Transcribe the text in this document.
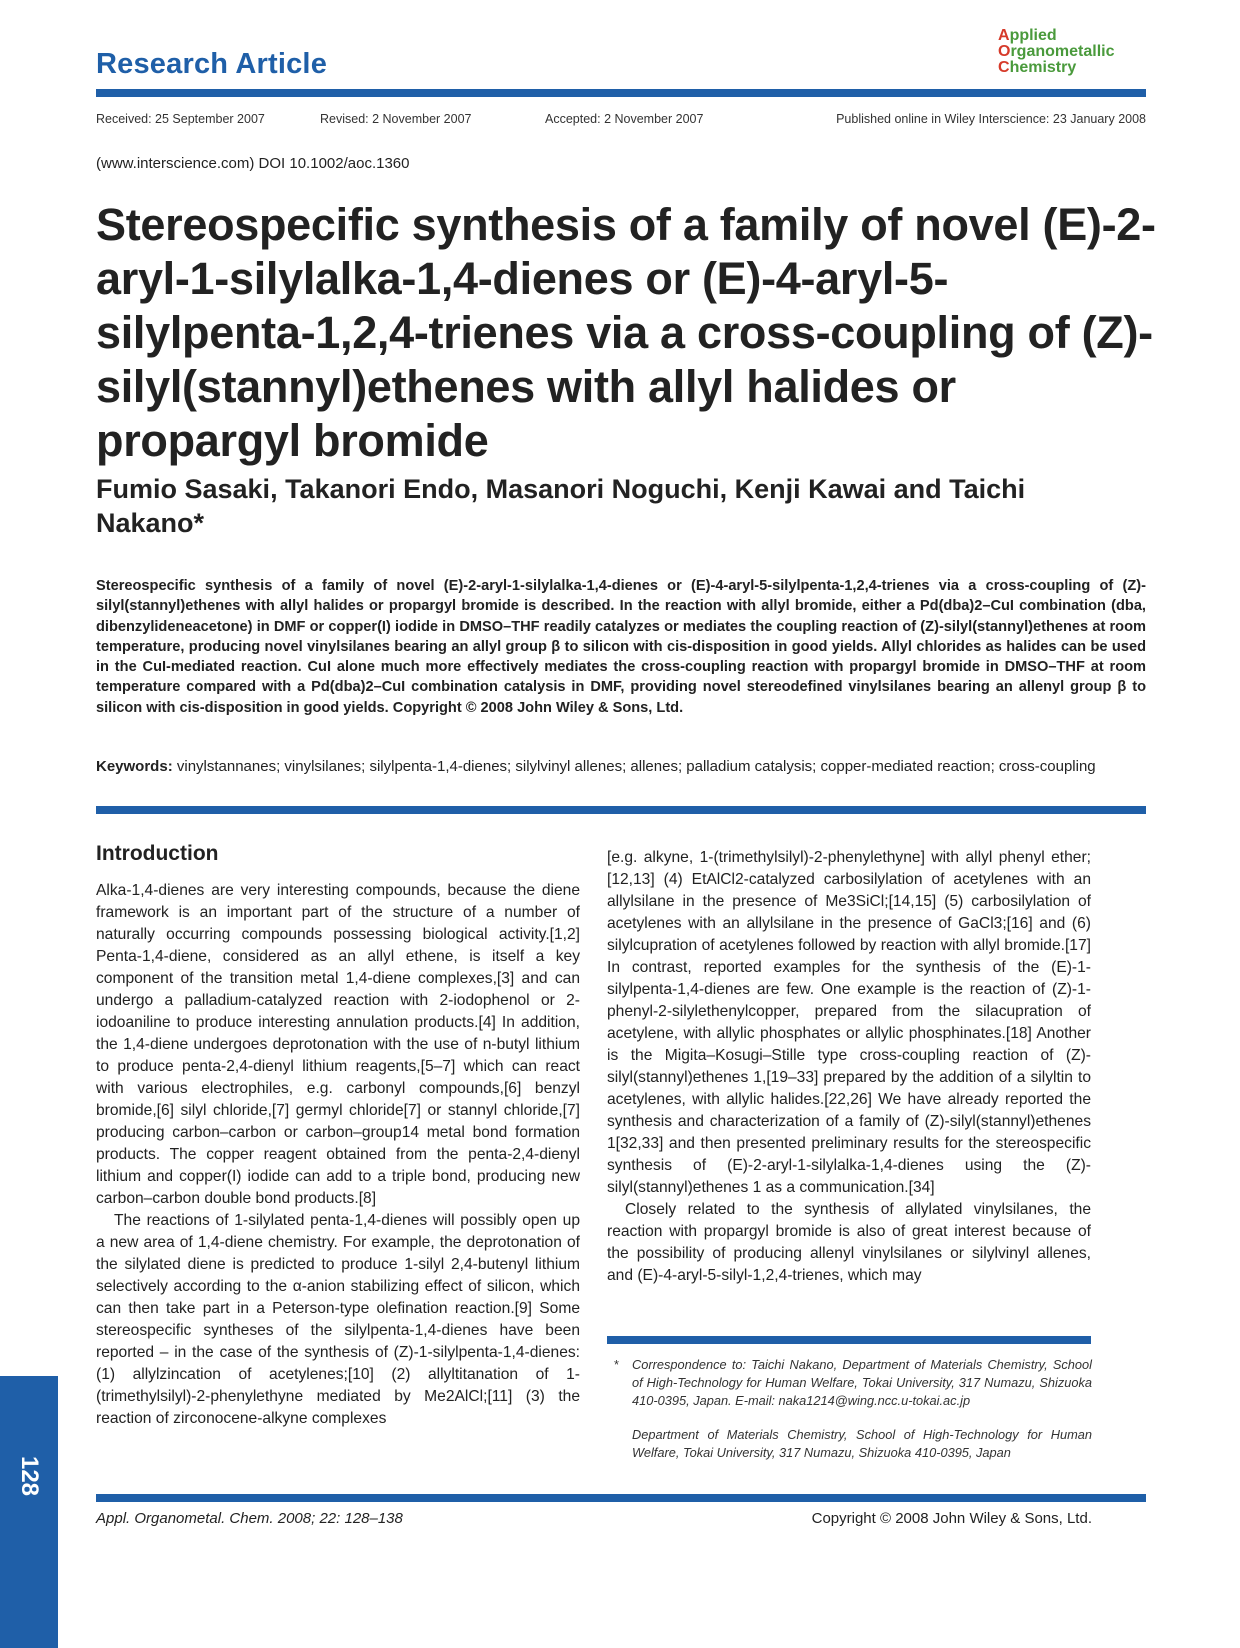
Research Article
Applied
Organometallic
Chemistry
Received: 25 September 2007	Revised: 2 November 2007	Accepted: 2 November 2007	Published online in Wiley Interscience: 23 January 2008
(www.interscience.com) DOI 10.1002/aoc.1360
Stereospecific synthesis of a family of novel (E)-2-aryl-1-silylalka-1,4-dienes or (E)-4-aryl-5-silylpenta-1,2,4-trienes via a cross-coupling of (Z)-silyl(stannyl)ethenes with allyl halides or propargyl bromide
Fumio Sasaki, Takanori Endo, Masanori Noguchi, Kenji Kawai and Taichi Nakano*
Stereospecific synthesis of a family of novel (E)-2-aryl-1-silylalka-1,4-dienes or (E)-4-aryl-5-silylpenta-1,2,4-trienes via a cross-coupling of (Z)-silyl(stannyl)ethenes with allyl halides or propargyl bromide is described. In the reaction with allyl bromide, either a Pd(dba)2–CuI combination (dba, dibenzylideneacetone) in DMF or copper(I) iodide in DMSO–THF readily catalyzes or mediates the coupling reaction of (Z)-silyl(stannyl)ethenes at room temperature, producing novel vinylsilanes bearing an allyl group β to silicon with cis-disposition in good yields. Allyl chlorides as halides can be used in the CuI-mediated reaction. CuI alone much more effectively mediates the cross-coupling reaction with propargyl bromide in DMSO–THF at room temperature compared with a Pd(dba)2–CuI combination catalysis in DMF, providing novel stereodefined vinylsilanes bearing an allenyl group β to silicon with cis-disposition in good yields. Copyright © 2008 John Wiley & Sons, Ltd.
Keywords: vinylstannanes; vinylsilanes; silylpenta-1,4-dienes; silylvinyl allenes; allenes; palladium catalysis; copper-mediated reaction; cross-coupling
Introduction

Alka-1,4-dienes are very interesting compounds, because the diene framework is an important part of the structure of a number of naturally occurring compounds possessing biological activity.[1,2] Penta-1,4-diene, considered as an allyl ethene, is itself a key component of the transition metal 1,4-diene complexes,[3] and can undergo a palladium-catalyzed reaction with 2-iodophenol or 2-iodoaniline to produce interesting annulation products.[4] In addition, the 1,4-diene undergoes deprotonation with the use of n-butyl lithium to produce penta-2,4-dienyl lithium reagents,[5–7] which can react with various electrophiles, e.g. carbonyl compounds,[6] benzyl bromide,[6] silyl chloride,[7] germyl chloride[7] or stannyl chloride,[7] producing carbon–carbon or carbon–group14 metal bond formation products. The copper reagent obtained from the penta-2,4-dienyl lithium and copper(I) iodide can add to a triple bond, producing new carbon–carbon double bond products.[8]

The reactions of 1-silylated penta-1,4-dienes will possibly open up a new area of 1,4-diene chemistry. For example, the deprotonation of the silylated diene is predicted to produce 1-silyl 2,4-butenyl lithium selectively according to the α-anion stabilizing effect of silicon, which can then take part in a Peterson-type olefination reaction.[9] Some stereospecific syntheses of the silylpenta-1,4-dienes have been reported – in the case of the synthesis of (Z)-1-silylpenta-1,4-dienes: (1) allylzincation of acetylenes;[10] (2) allyltitanation of 1-(trimethylsilyl)-2-phenylethyne mediated by Me2AlCl;[11] (3) the reaction of zirconocene-alkyne complexes

[e.g. alkyne, 1-(trimethylsilyl)-2-phenylethyne] with allyl phenyl ether;[12,13] (4) EtAlCl2-catalyzed carbosilylation of acetylenes with an allylsilane in the presence of Me3SiCl;[14,15] (5) carbosilylation of acetylenes with an allylsilane in the presence of GaCl3;[16] and (6) silylcupration of acetylenes followed by reaction with allyl bromide.[17] In contrast, reported examples for the synthesis of the (E)-1-silylpenta-1,4-dienes are few. One example is the reaction of (Z)-1-phenyl-2-silylethenylcopper, prepared from the silacupration of acetylene, with allylic phosphates or allylic phosphinates.[18] Another is the Migita–Kosugi–Stille type cross-coupling reaction of (Z)-silyl(stannyl)ethenes 1,[19–33] prepared by the addition of a silyltin to acetylenes, with allylic halides.[22,26] We have already reported the synthesis and characterization of a family of (Z)-silyl(stannyl)ethenes 1[32,33] and then presented preliminary results for the stereospecific synthesis of (E)-2-aryl-1-silylalka-1,4-dienes using the (Z)-silyl(stannyl)ethenes 1 as a communication.[34]

Closely related to the synthesis of allylated vinylsilanes, the reaction with propargyl bromide is also of great interest because of the possibility of producing allenyl vinylsilanes or silylvinyl allenes, and (E)-4-aryl-5-silyl-1,2,4-trienes, which may

*	Correspondence to: Taichi Nakano, Department of Materials Chemistry, School of High-Technology for Human Welfare, Tokai University, 317 Numazu, Shizuoka 410-0395, Japan. E-mail: naka1214@wing.ncc.u-tokai.ac.jp

Department of Materials Chemistry, School of High-Technology for Human Welfare, Tokai University, 317 Numazu, Shizuoka 410-0395, Japan

128
Appl. Organometal. Chem. 2008; 22: 128–138	Copyright © 2008 John Wiley & Sons, Ltd.
